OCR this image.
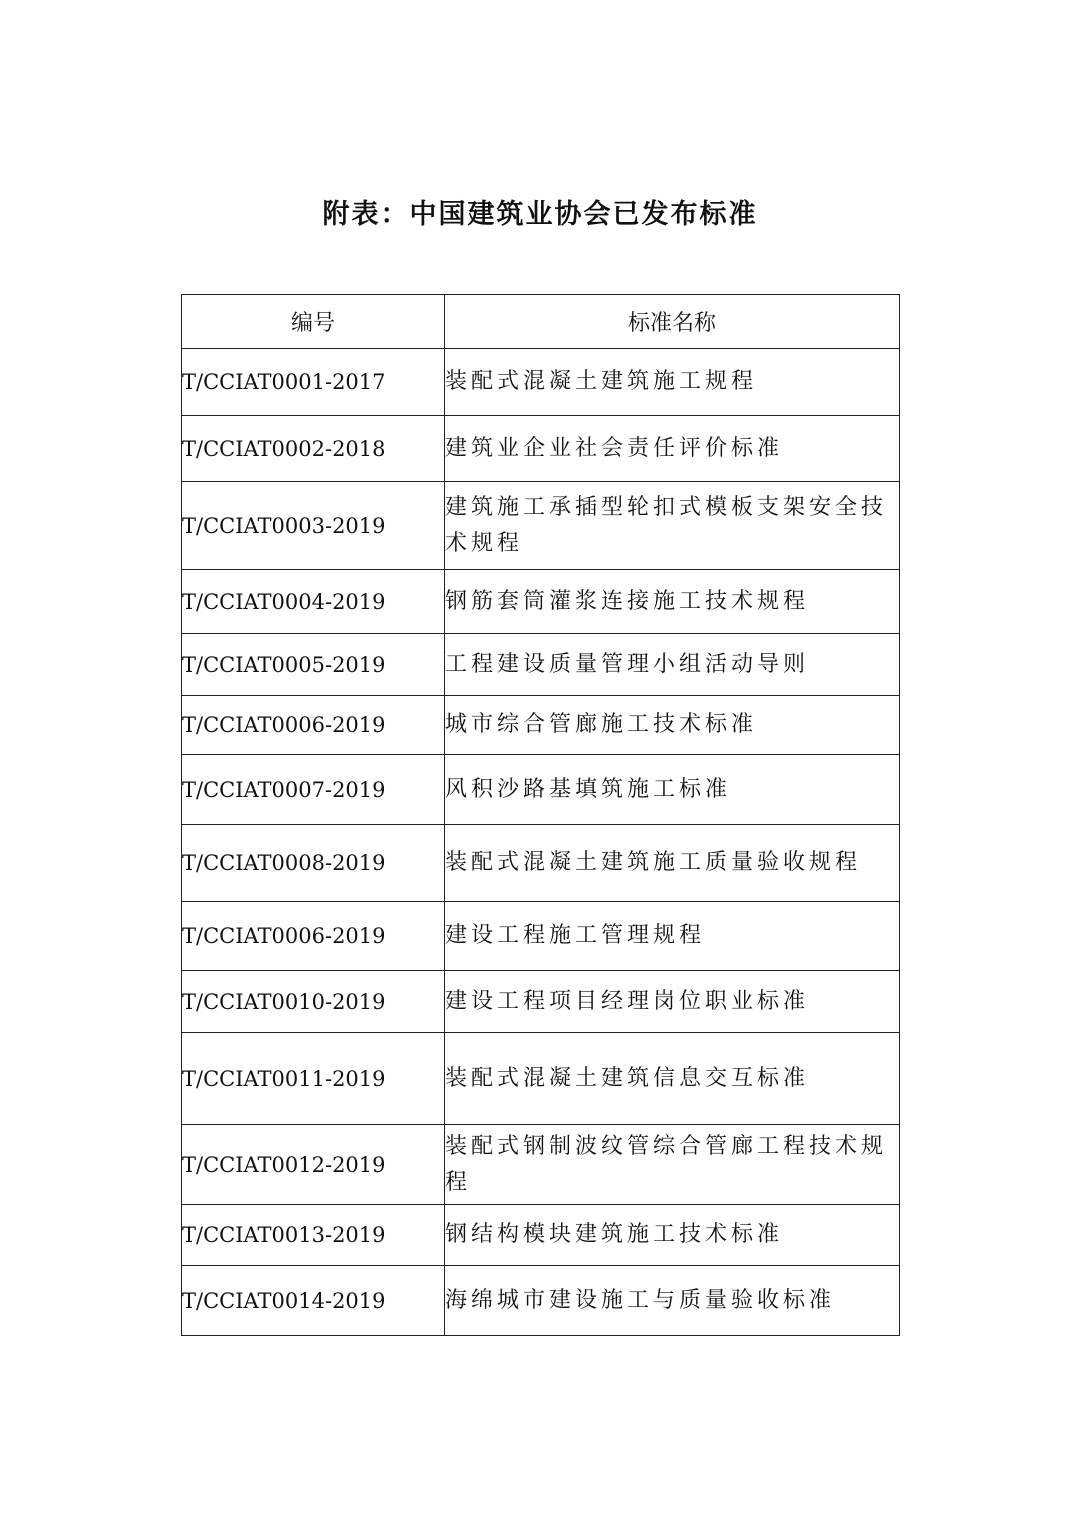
附表：中国建筑业协会已发布标准
编号	标准名称
T/CCIAT0001-2017	装配式混凝土建筑施工规程
T/CCIAT0002-2018	建筑业企业社会责任评价标准
T/CCIAT0003-2019	建筑施工承插型轮扣式模板支架安全技术规程
T/CCIAT0004-2019	钢筋套筒灌浆连接施工技术规程
T/CCIAT0005-2019	工程建设质量管理小组活动导则
T/CCIAT0006-2019	城市综合管廊施工技术标准
T/CCIAT0007-2019	风积沙路基填筑施工标准
T/CCIAT0008-2019	装配式混凝土建筑施工质量验收规程
T/CCIAT0006-2019	建设工程施工管理规程
T/CCIAT0010-2019	建设工程项目经理岗位职业标准
T/CCIAT0011-2019	装配式混凝土建筑信息交互标准
T/CCIAT0012-2019	装配式钢制波纹管综合管廊工程技术规程
T/CCIAT0013-2019	钢结构模块建筑施工技术标准
T/CCIAT0014-2019	海绵城市建设施工与质量验收标准
